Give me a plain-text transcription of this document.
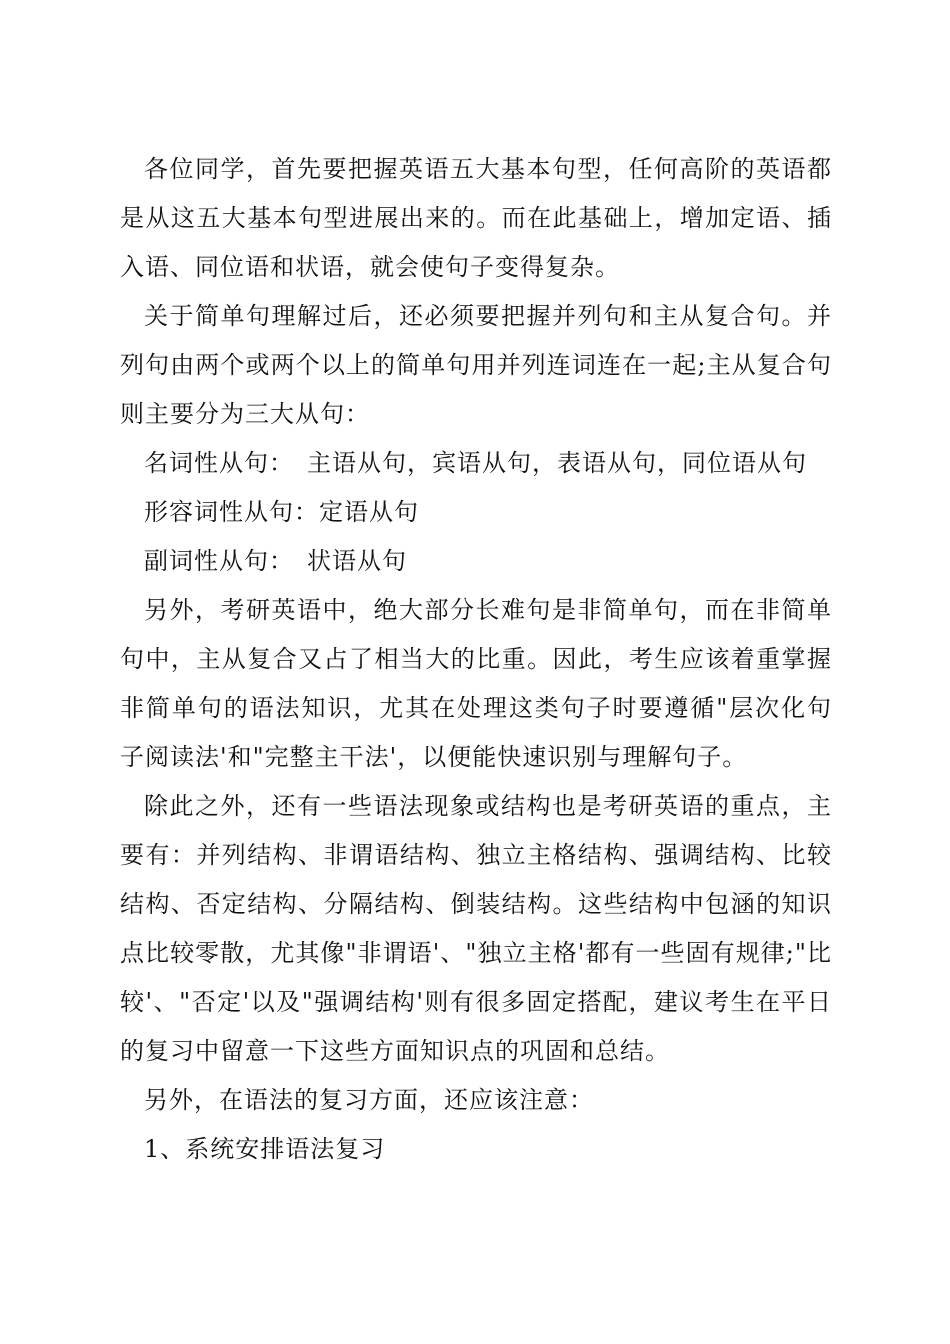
各位同学，首先要把握英语五大基本句型，任何高阶的英语都是从这五大基本句型进展出来的。而在此基础上，增加定语、插入语、同位语和状语，就会使句子变得复杂。

关于简单句理解过后，还必须要把握并列句和主从复合句。并列句由两个或两个以上的简单句用并列连词连在一起;主从复合句则主要分为三大从句：

名词性从句：　主语从句，宾语从句，表语从句，同位语从句

形容词性从句：定语从句

副词性从句：　状语从句

另外，考研英语中，绝大部分长难句是非简单句，而在非简单句中，主从复合又占了相当大的比重。因此，考生应该着重掌握非简单句的语法知识，尤其在处理这类句子时要遵循"层次化句子阅读法'和"完整主干法'，以便能快速识别与理解句子。

除此之外，还有一些语法现象或结构也是考研英语的重点，主要有：并列结构、非谓语结构、独立主格结构、强调结构、比较结构、否定结构、分隔结构、倒装结构。这些结构中包涵的知识点比较零散，尤其像"非谓语'、"独立主格'都有一些固有规律;"比较'、"否定'以及"强调结构'则有很多固定搭配，建议考生在平日的复习中留意一下这些方面知识点的巩固和总结。

另外，在语法的复习方面，还应该注意：

1、系统安排语法复习
